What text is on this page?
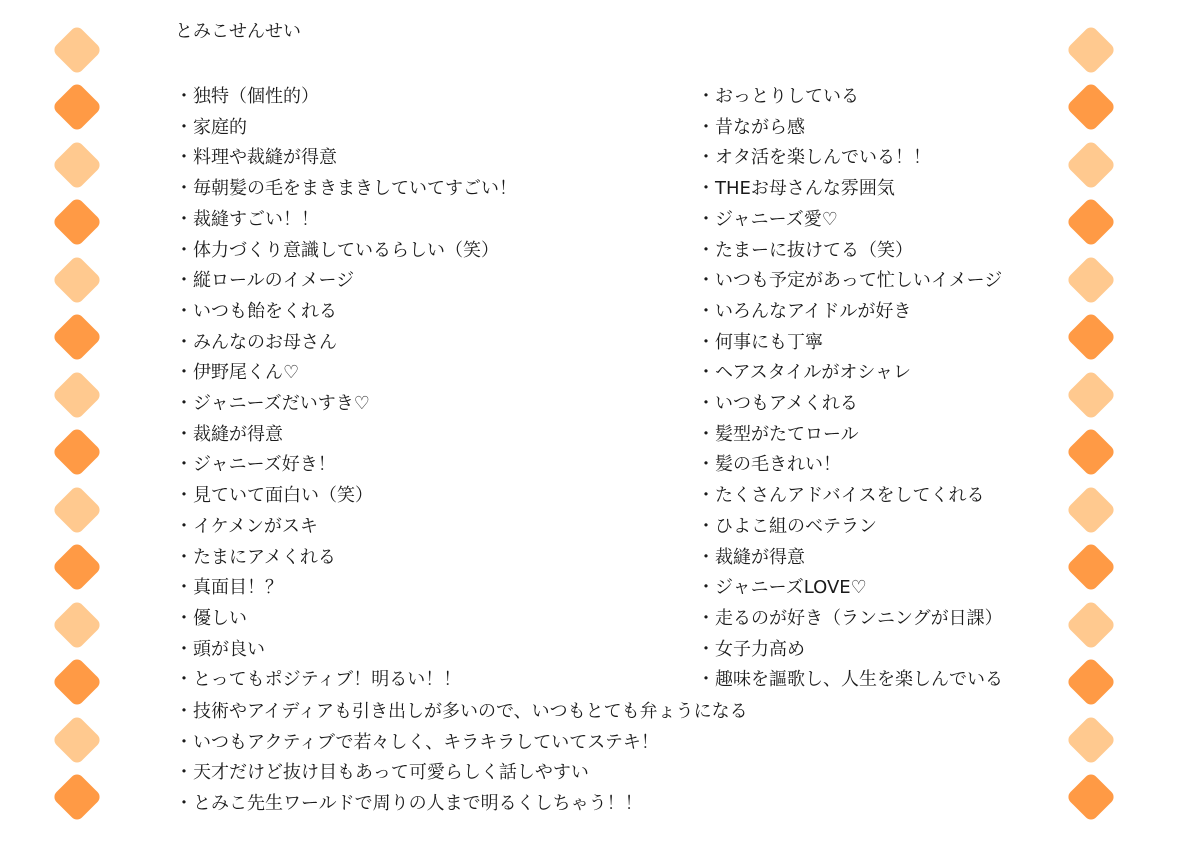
とみこせんせい
・独特（個性的）
・家庭的
・料理や裁縫が得意
・毎朝髪の毛をまきまきしていてすごい！
・裁縫すごい！！
・体力づくり意識しているらしい（笑）
・縦ロールのイメージ
・いつも飴をくれる
・みんなのお母さん
・伊野尾くん♡
・ジャニーズだいすき♡
・裁縫が得意
・ジャニーズ好き！
・見ていて面白い（笑）
・イケメンがスキ
・たまにアメくれる
・真面目！？
・優しい
・頭が良い
・とってもポジティブ！明るい！！
・おっとりしている
・昔ながら感
・オタ活を楽しんでいる！！
・THEお母さんな雰囲気
・ジャニーズ愛♡
・たまーに抜けてる（笑）
・いつも予定があって忙しいイメージ
・いろんなアイドルが好き
・何事にも丁寧
・ヘアスタイルがオシャレ
・いつもアメくれる
・髪型がたてロール
・髪の毛きれい！
・たくさんアドバイスをしてくれる
・ひよこ組のベテラン
・裁縫が得意
・ジャニーズLOVE♡
・走るのが好き（ランニングが日課）
・女子力高め
・趣味を謳歌し、人生を楽しんでいる
・技術やアイディアも引き出しが多いので、いつもとても弁ょうになる
・いつもアクティブで若々しく、キラキラしていてステキ！
・天才だけど抜け目もあって可愛らしく話しやすい
・とみこ先生ワールドで周りの人まで明るくしちゃう！！
